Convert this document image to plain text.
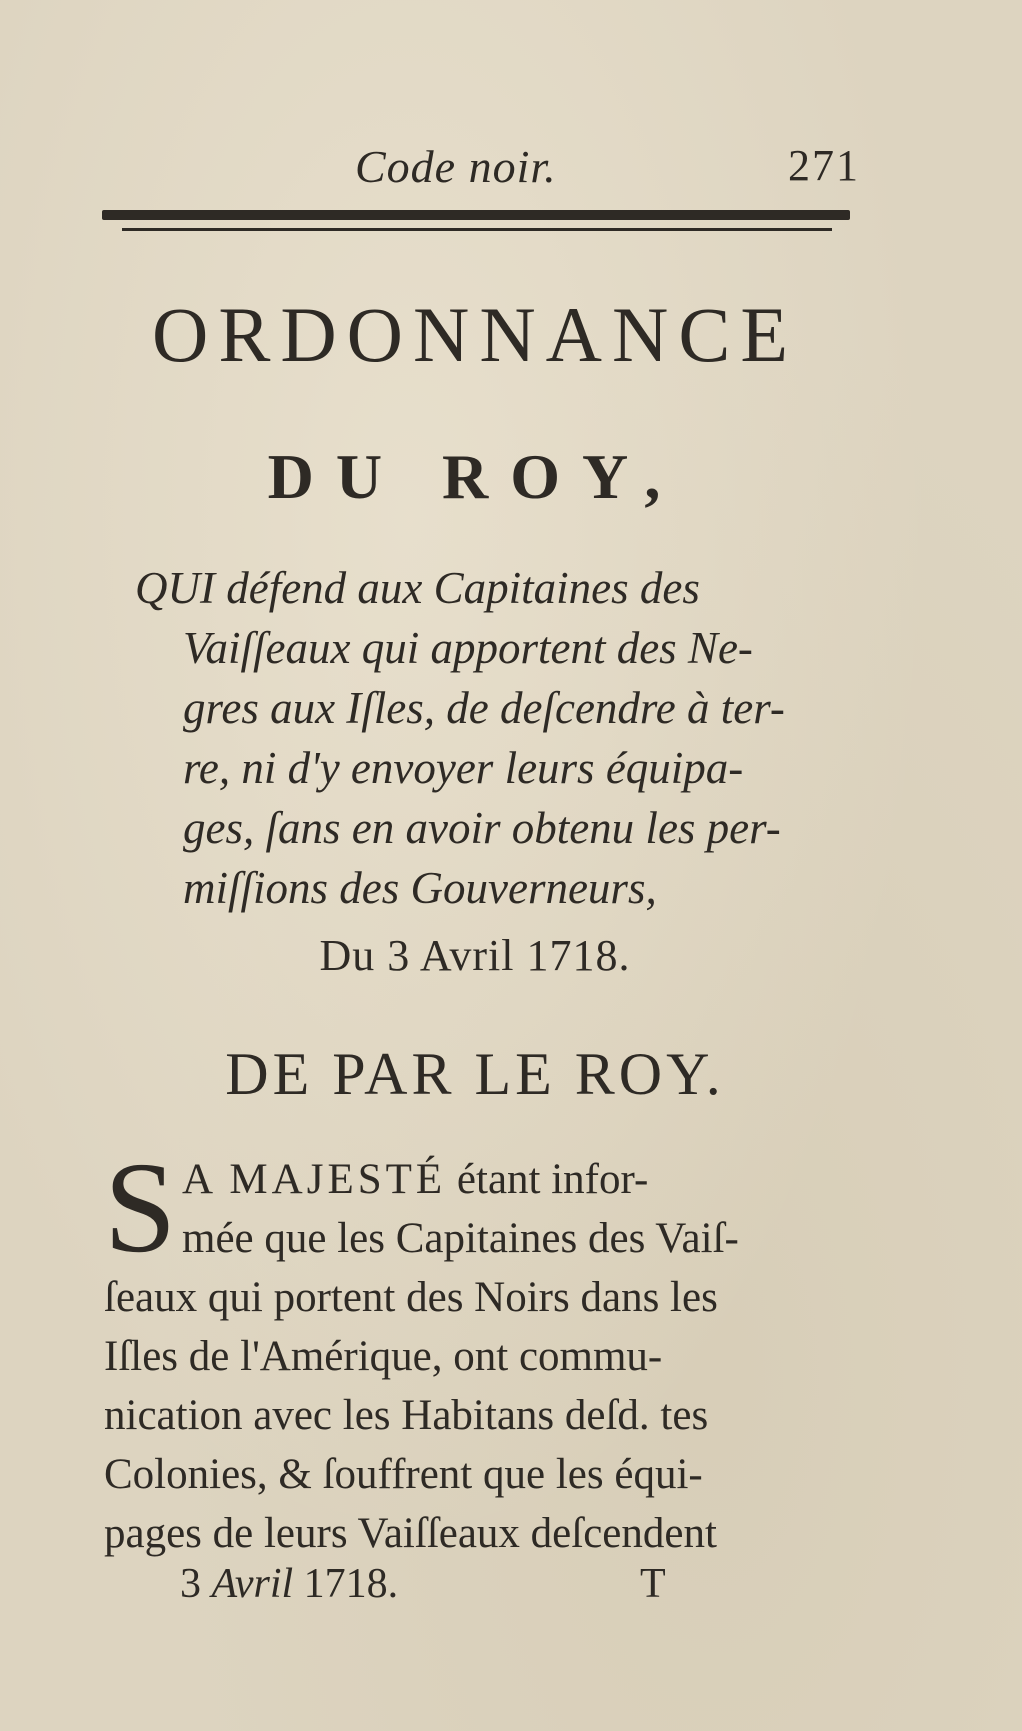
Code noir.	271
ORDONNANCE
DU ROY,
QUI défend aux Capitaines des
Vaiſſeaux qui apportent des Ne-
gres aux Iſles, de deſcendre à ter-
re, ni d'y envoyer leurs équipa-
ges, ſans en avoir obtenu les per-
miſſions des Gouverneurs,
Du 3 Avril 1718.
DE PAR LE ROY.
S A MAJESTÉ étant infor-
mée que les Capitaines des Vaiſ-
ſeaux qui portent des Noirs dans les
Iſles de l'Amérique, ont commu-
nication avec les Habitans deſd. tes
Colonies, & ſouffrent que les équi-
pages de leurs Vaiſſeaux deſcendent
3 Avril 1718.	T
